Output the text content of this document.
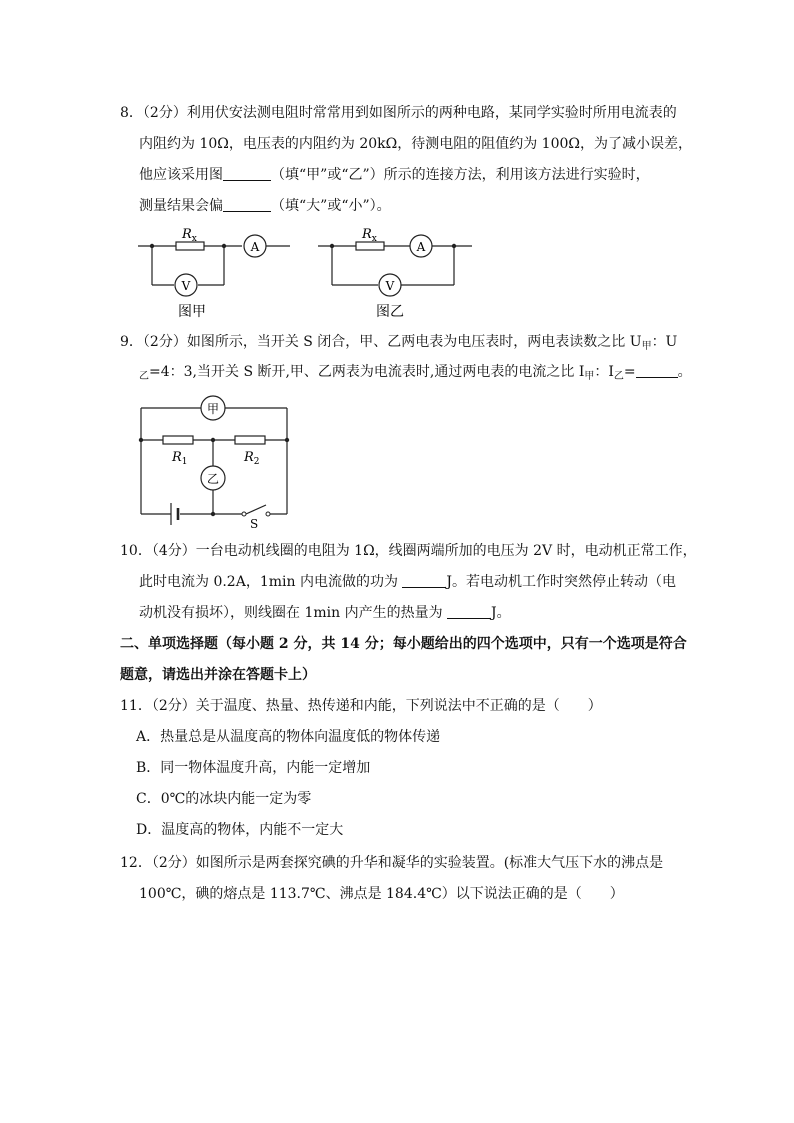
8．（2分）利用伏安法测电阻时常常用到如图所示的两种电路，某同学实验时所用电流表的
内阻约为 10Ω，电压表的内阻约为 20kΩ，待测电阻的阻值约为 100Ω，为了减小误差，
他应该采用图	（填“甲”或“乙”）所示的连接方法，利用该方法进行实验时，
测量结果会偏	（填“大”或“小”）。
$R_x$
A
V
图甲
$R_x$
A
V
图乙
9．（2分）如图所示，当开关 S 闭合，甲、乙两电表为电压表时，两电表读数之比 $U_甲$：U
$_乙$=4：3,当开关 S 断开,甲、乙两表为电流表时,通过两电表的电流之比 $I_甲$：$I_乙=$	。
甲
乙
$R_1$	$R_2$
S
10．（4分）一台电动机线圈的电阻为 1Ω，线圈两端所加的电压为 2V 时，电动机正常工作，
此时电流为 0.2A，1min 内电流做的功为	J。若电动机工作时突然停止转动（电
动机没有损坏），则线圈在 1min 内产生的热量为	J。
二、单项选择题（每小题 2 分，共 14 分；每小题给出的四个选项中，只有一个选项是符合
题意，请选出并涂在答题卡上）
11．（2分）关于温度、热量、热传递和内能，下列说法中不正确的是（　　）
A．热量总是从温度高的物体向温度低的物体传递
B．同一物体温度升高，内能一定增加
C．0℃的冰块内能一定为零
D．温度高的物体，内能不一定大
12．（2分）如图所示是两套探究碘的升华和凝华的实验装置。(标准大气压下水的沸点是
100℃，碘的熔点是 113.7℃、沸点是 184.4℃）以下说法正确的是（　　）
